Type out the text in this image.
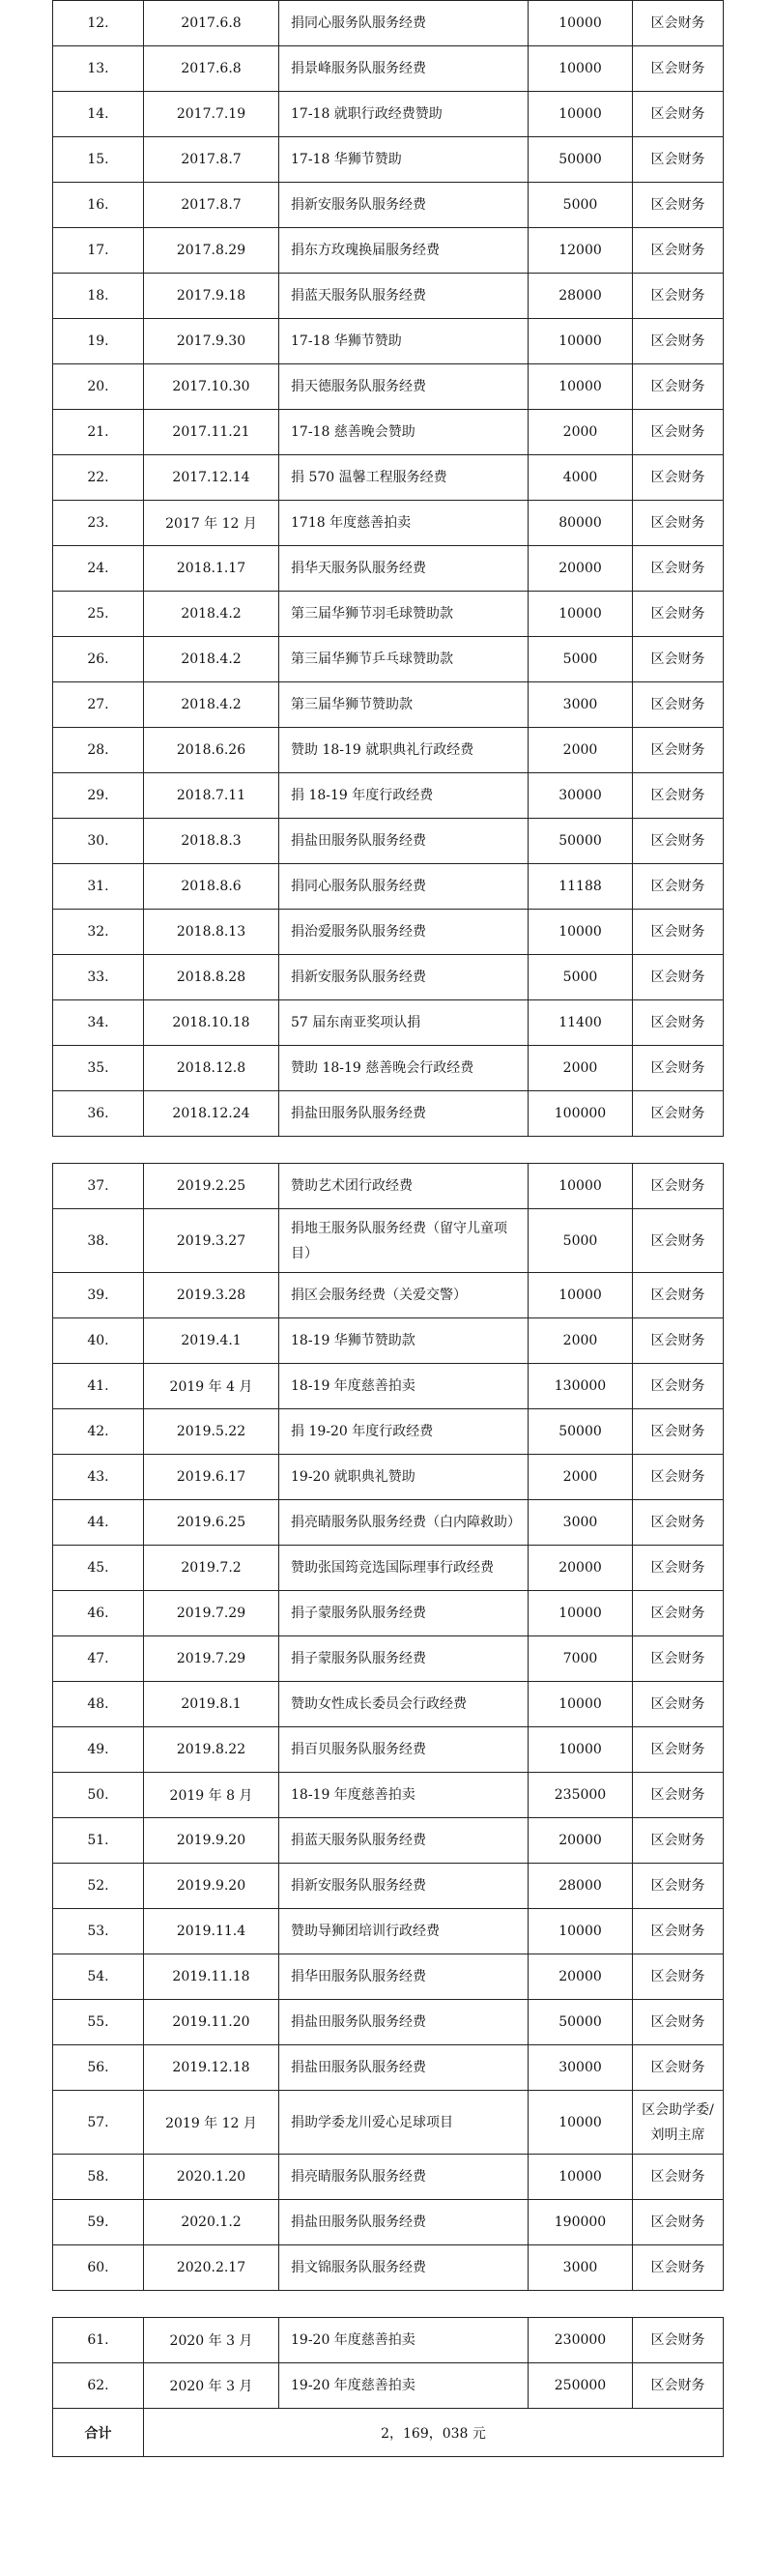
12.	2017.6.8	捐同心服务队服务经费	10000	区会财务
13.	2017.6.8	捐景峰服务队服务经费	10000	区会财务
14.	2017.7.19	17-18 就职行政经费赞助	10000	区会财务
15.	2017.8.7	17-18 华狮节赞助	50000	区会财务
16.	2017.8.7	捐新安服务队服务经费	5000	区会财务
17.	2017.8.29	捐东方玫瑰换届服务经费	12000	区会财务
18.	2017.9.18	捐蓝天服务队服务经费	28000	区会财务
19.	2017.9.30	17-18 华狮节赞助	10000	区会财务
20.	2017.10.30	捐天德服务队服务经费	10000	区会财务
21.	2017.11.21	17-18 慈善晚会赞助	2000	区会财务
22.	2017.12.14	捐 570 温馨工程服务经费	4000	区会财务
23.	2017 年 12 月	1718 年度慈善拍卖	80000	区会财务
24.	2018.1.17	捐华天服务队服务经费	20000	区会财务
25.	2018.4.2	第三届华狮节羽毛球赞助款	10000	区会财务
26.	2018.4.2	第三届华狮节乒乓球赞助款	5000	区会财务
27.	2018.4.2	第三届华狮节赞助款	3000	区会财务
28.	2018.6.26	赞助 18-19 就职典礼行政经费	2000	区会财务
29.	2018.7.11	捐 18-19 年度行政经费	30000	区会财务
30.	2018.8.3	捐盐田服务队服务经费	50000	区会财务
31.	2018.8.6	捐同心服务队服务经费	11188	区会财务
32.	2018.8.13	捐治爱服务队服务经费	10000	区会财务
33.	2018.8.28	捐新安服务队服务经费	5000	区会财务
34.	2018.10.18	57 届东南亚奖项认捐	11400	区会财务
35.	2018.12.8	赞助 18-19 慈善晚会行政经费	2000	区会财务
36.	2018.12.24	捐盐田服务队服务经费	100000	区会财务
37.	2019.2.25	赞助艺术团行政经费	10000	区会财务
38.	2019.3.27	捐地王服务队服务经费（留守儿童项目）	5000	区会财务
39.	2019.3.28	捐区会服务经费（关爱交警）	10000	区会财务
40.	2019.4.1	18-19 华狮节赞助款	2000	区会财务
41.	2019 年 4 月	18-19 年度慈善拍卖	130000	区会财务
42.	2019.5.22	捐 19-20 年度行政经费	50000	区会财务
43.	2019.6.17	19-20 就职典礼赞助	2000	区会财务
44.	2019.6.25	捐亮睛服务队服务经费（白内障救助）	3000	区会财务
45.	2019.7.2	赞助张国筠竞选国际理事行政经费	20000	区会财务
46.	2019.7.29	捐子蒙服务队服务经费	10000	区会财务
47.	2019.7.29	捐子蒙服务队服务经费	7000	区会财务
48.	2019.8.1	赞助女性成长委员会行政经费	10000	区会财务
49.	2019.8.22	捐百贝服务队服务经费	10000	区会财务
50.	2019 年 8 月	18-19 年度慈善拍卖	235000	区会财务
51.	2019.9.20	捐蓝天服务队服务经费	20000	区会财务
52.	2019.9.20	捐新安服务队服务经费	28000	区会财务
53.	2019.11.4	赞助导狮团培训行政经费	10000	区会财务
54.	2019.11.18	捐华田服务队服务经费	20000	区会财务
55.	2019.11.20	捐盐田服务队服务经费	50000	区会财务
56.	2019.12.18	捐盐田服务队服务经费	30000	区会财务
57.	2019 年 12 月	捐助学委龙川爱心足球项目	10000	区会助学委/刘明主席
58.	2020.1.20	捐亮睛服务队服务经费	10000	区会财务
59.	2020.1.2	捐盐田服务队服务经费	190000	区会财务
60.	2020.2.17	捐文锦服务队服务经费	3000	区会财务
61.	2020 年 3 月	19-20 年度慈善拍卖	230000	区会财务
62.	2020 年 3 月	19-20 年度慈善拍卖	250000	区会财务
合计	2，169，038 元			
